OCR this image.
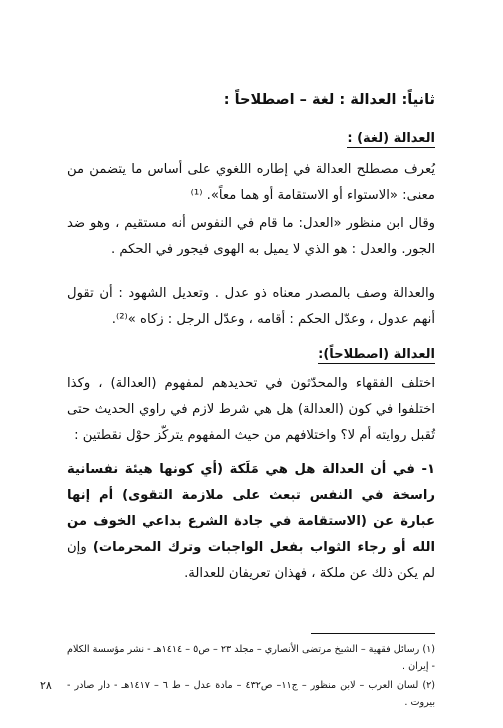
ثانياً: العدالة : لغة – اصطلاحاً :
العدالة (لغة) :

يُعرف مصطلح العدالة في إطاره اللغوي على أساس ما يتضمن من معنى: «الاستواء أو الاستقامة أو هما معاً». ⁽¹⁾

وقال ابن منظور «العدل: ما قام في النفوس أنه مستقيم ، وهو ضد الجور. والعدل : هو الذي لا يميل به الهوى فيجور في الحكم .

والعدالة وصف بالمصدر معناه ذو عدل . وتعديل الشهود : أن تقول أنهم عدول ، وعدّل الحكم : أقامه ، وعدّل الرجل : زكاه »⁽²⁾.

العدالة (اصطلاحاً):

اختلف الفقهاء والمحدّثون في تحديدهم لمفهوم (العدالة) ، وكذا اختلفوا في كون (العدالة) هل هي شرط لازم في راوي الحديث حتى تُقبل روايته أم لا؟ واختلافهم من حيث المفهوم يتركّز حوْل نقطتين :

١- في أن العدالة هل هي مَلَكة (أي كونها هيئة نفسانية راسخة في النفس تبعث على ملازمة التقوى) أم إنها عبارة عن (الاستقامة في جادة الشرع بداعي الخوف من الله أو رجاء الثواب بفعل الواجبات وترك المحرمات) وإن لم يكن ذلك عن ملكة ، فهذان تعريفان للعدالة.

(١) رسائل فقهية – الشيخ مرتضى الأنصاري – مجلد ٢٣ – ص٥ – ١٤١٤هـ - نشر مؤسسة الكلام - إيران .

(٢) لسان العرب – لابن منظور – ج١١– ص٤٣٢ – مادة عدل – ط ٦ – ١٤١٧هـ - دار صادر - بيروت .

٢٨
